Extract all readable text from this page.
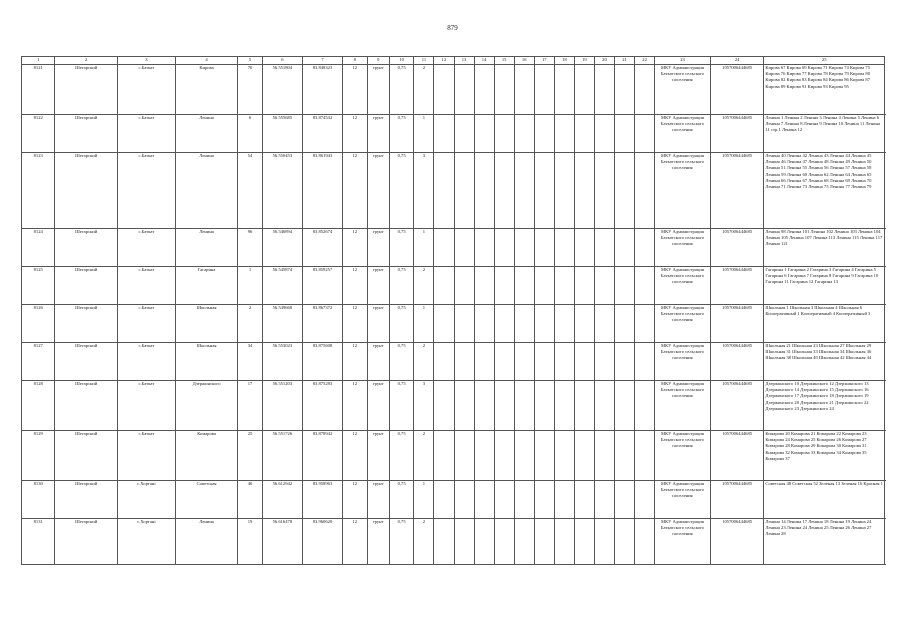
879
1	2	3	4	5	6	7	8	9	10	11	12	13	14	15	16	17	18	19	20	21	22	23	24	25		
8121	Шегарский	с.Баткат	Кирова	70	56.551804	83.848323	12	грунт	0,75	2												МКУ Администрация Баткатского сельского поселения	1057006444685	Кирова 67 Кирова 69 Кирова 71 Кирова 74 Кирова 75 Кирова 76 Кирова 77 Кирова 78 Кирова 79 Кирова 80 Кирова 82 Кирова 83 Кирова 84 Кирова 86 Кирова 87 Кирова 89 Кирова 91 Кирова 93 Кирова 95	
8122	Шегарский	с.Баткат	Ленина	6	56.555685	83.874532	12	грунт	0,75	1												МКУ Администрация Баткатского сельского поселения	1057006444685	Ленина 1 Ленина 2 Ленина 3 Ленина 4 Ленина 5 Ленина 6 Ленина 7 Ленина 8 Ленина 9 Ленина 10 Ленина 11 Ленина 11 стр.1 Ленина 12	
8123	Шегарский	с.Баткат	Ленина	54	56.550453	83.861943	12	грунт	0,75	3												МКУ Администрация Баткатского сельского поселения	1057006444685	Ленина 40 Ленина 42 Ленина 43 Ленина 44 Ленина 45 Ленина 46 Ленина 47 Ленина 48 Ленина 49 Ленина 50 Ленина 51 Ленина 55 Ленина 56 Ленина 57 Ленина 58 Ленина 59 Ленина 60 Ленина 62 Ленина 64 Ленина 65 Ленина 66 Ленина 67 Ленина 68 Ленина 69 Ленина 70 Ленина 71 Ленина 73 Ленина 75 Ленина 77 Ленина 79	
8124	Шегарский	с.Баткат	Ленина	96	56.546894	83.852674	12	грунт	0,75	1												МКУ Администрация Баткатского сельского поселения	1057006444685	Ленина 98 Ленина 101 Ленина 102 Ленина 103 Ленина 104 Ленина 105 Ленина 107 Ленина 113 Ленина 115 Ленина 117 Ленина 121	
8125	Шегарский	с.Баткат	Гагарина	1	56.545874	83.859257	12	грунт	0,75	2												МКУ Администрация Баткатского сельского поселения	1057006444685	Гагарина 1 Гагарина 2 Гагарина 3 Гагарина 4 Гагарина 5 Гагарина 6 Гагарина 7 Гагарина 8 Гагарина 9 Гагарина 10 Гагарина 11 Гагарина 12 Гагарина 13	
8126	Шегарский	с.Баткат	Школьная	2	56.549668	83.867372	12	грунт	0,75	1												МКУ Администрация Баткатского сельского поселения	1057006444685	Школьная 1 Школьная 3 Школьная 4 Школьная 6 Кооперативный 1 Кооперативный 4 Кооперативный 3	
8127	Шегарский	с.Баткат	Школьная	34	56.553023	83.875608	12	грунт	0,75	2												МКУ Администрация Баткатского сельского поселения	1057006444685	Школьная 21 Школьная 23 Школьная 27 Школьная 29 Школьная 31 Школьная 33 Школьная 34 Школьная 36 Школьная 38 Школьная 40 Школьная 42 Школьная 44	
8128	Шегарский	с.Баткат	Дзержинского	17	56.551203	83.875283	12	грунт	0,75	3												МКУ Администрация Баткатского сельского поселения	1057006444685	Дзержинского 10 Дзержинского 12 Дзержинского 13 Дзержинского 14 Дзержинского 15 Дзержинского 16 Дзержинского 17 Дзержинского 18 Дзержинского 19 Дзержинского 20 Дзержинского 21 Дзержинского 22 Дзержинского 23 Дзержинского 24	
8129	Шегарский	с.Баткат	Комарова	25	56.551726	83.878942	12	грунт	0,75	2												МКУ Администрация Баткатского сельского поселения	1057006444685	Комарова 20 Комарова 21 Комарова 22 Комарова 23 Комарова 24 Комарова 25 Комарова 26 Комарова 27 Комарова 28 Комарова 29 Комарова 30 Комарова 31 Комарова 32 Комарова 33 Комарова 34 Комарова 35 Комарова 37	
8130	Шегарский	с.Хортанi	Советская	46	56.612942	83.958963	12	грунт	0,75	1												МКУ Администрация Баткатского сельского поселения	1057006444685	Советская 48 Советская 52 Зеленая 13 Зеленая 16 Красная 1	
8131	Шегарский	с.Хортанi	Ленина	19	56.616478	83.960620	12	грунт	0,75	2												МКУ Администрация Баткатского сельского поселения	1057006444685	Ленина 14 Ленина 17 Ленина 18 Ленина 19 Ленина 24 Ленина 23 Ленина 24 Ленина 25 Ленина 26 Ленина 27 Ленина 28	
